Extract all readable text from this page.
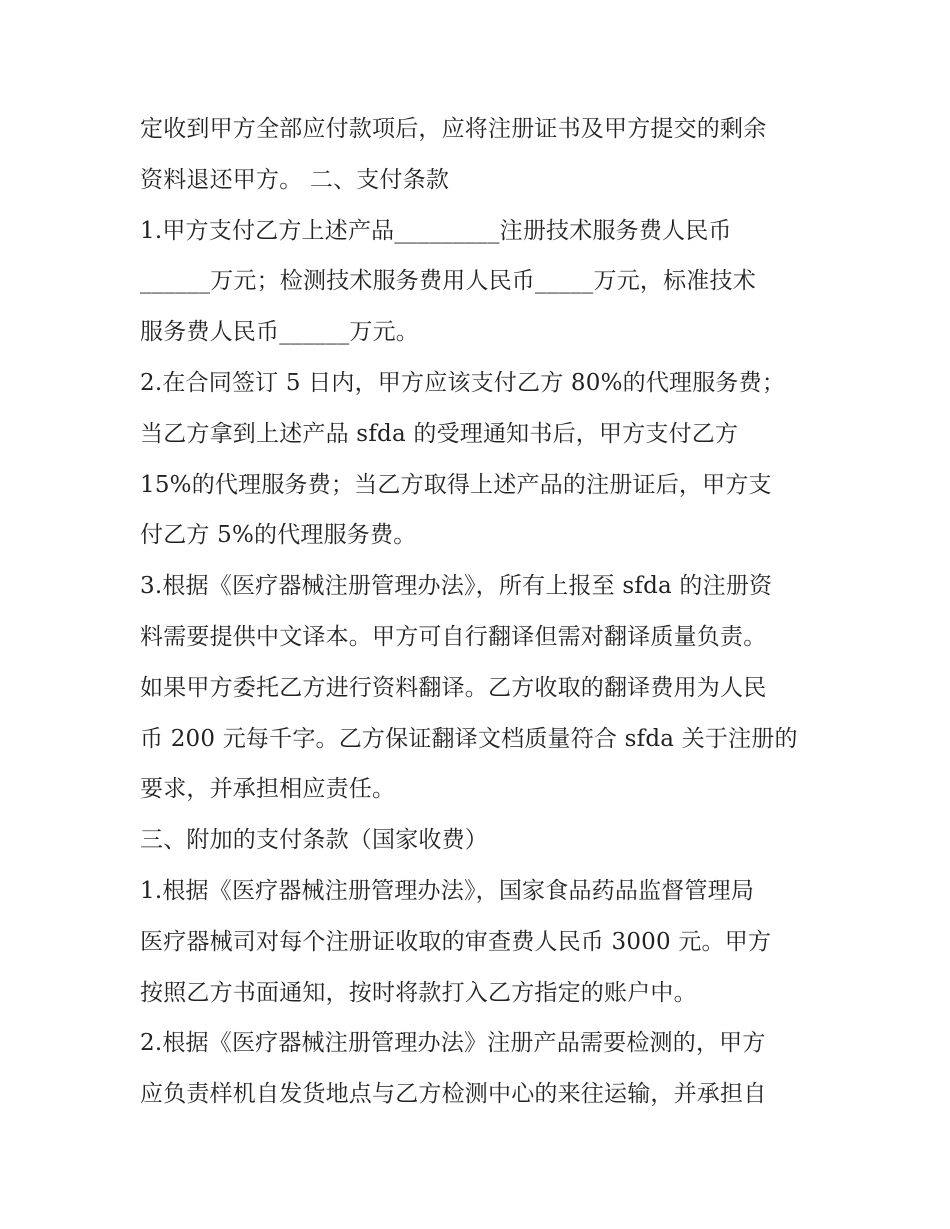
定收到甲方全部应付款项后，应将注册证书及甲方提交的剩余
资料退还甲方。 二、支付条款
1.甲方支付乙方上述产品_________注册技术服务费人民币
______万元；检测技术服务费用人民币_____万元，标准技术
服务费人民币______万元。
2.在合同签订 5 日内，甲方应该支付乙方 80%的代理服务费；
当乙方拿到上述产品 sfda 的受理通知书后，甲方支付乙方
15%的代理服务费；当乙方取得上述产品的注册证后，甲方支
付乙方 5%的代理服务费。
3.根据《医疗器械注册管理办法》，所有上报至 sfda 的注册资
料需要提供中文译本。甲方可自行翻译但需对翻译质量负责。
如果甲方委托乙方进行资料翻译。乙方收取的翻译费用为人民
币 200 元每千字。乙方保证翻译文档质量符合 sfda 关于注册的
要求，并承担相应责任。
三、附加的支付条款（国家收费）
1.根据《医疗器械注册管理办法》，国家食品药品监督管理局
医疗器械司对每个注册证收取的审查费人民币 3000 元。甲方
按照乙方书面通知，按时将款打入乙方指定的账户中。
2.根据《医疗器械注册管理办法》注册产品需要检测的，甲方
应负责样机自发货地点与乙方检测中心的来往运输，并承担自
